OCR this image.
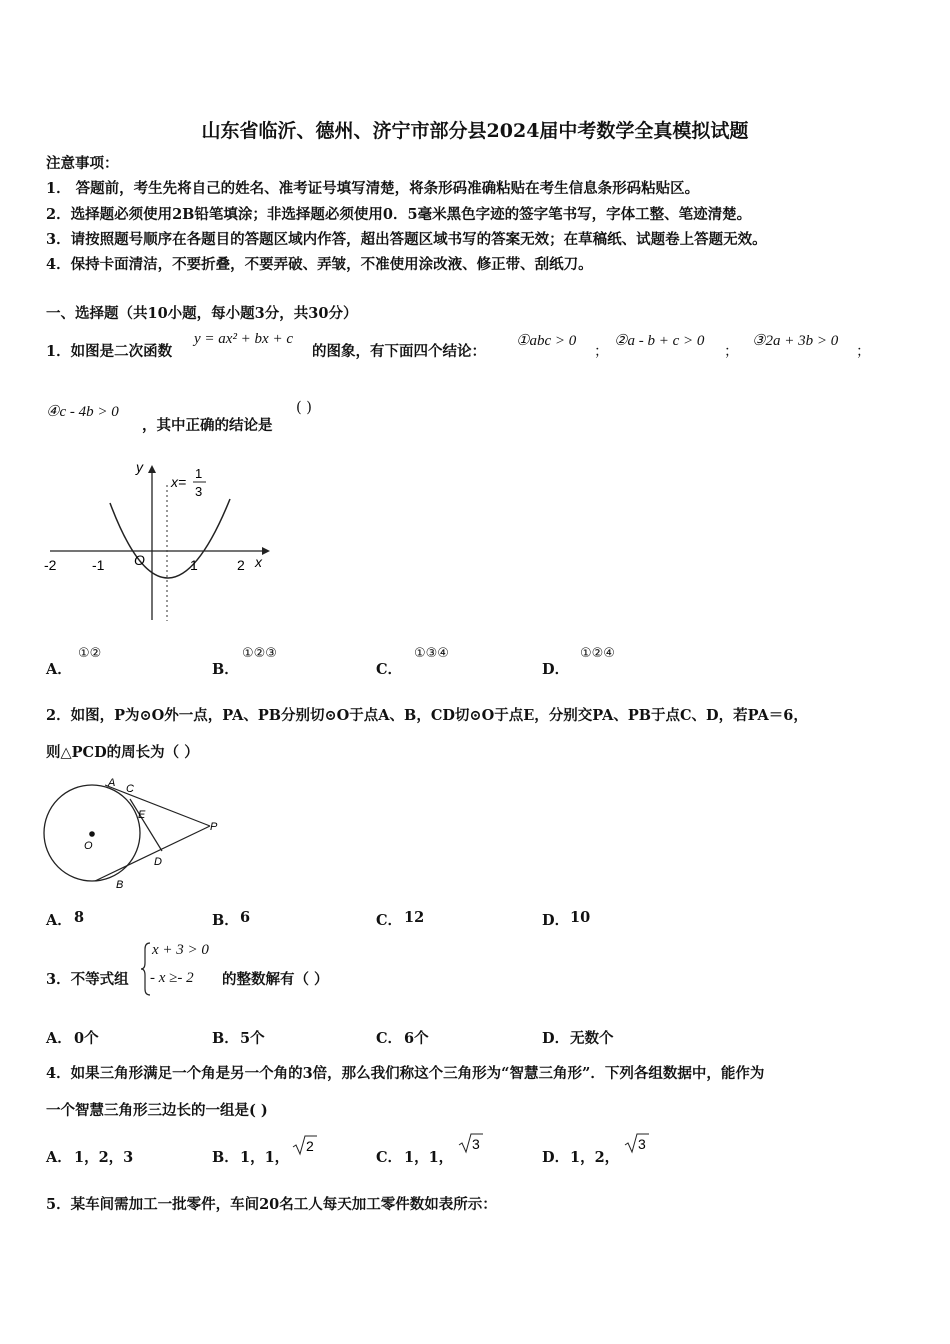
山东省临沂、德州、济宁市部分县2024届中考数学全真模拟试题
注意事项：
1． 答题前，考生先将自己的姓名、准考证号填写清楚，将条形码准确粘贴在考生信息条形码粘贴区。
2．选择题必须使用2B铅笔填涂；非选择题必须使用0．5毫米黑色字迹的签字笔书写，字体工整、笔迹清楚。
3．请按照题号顺序在各题目的答题区域内作答，超出答题区域书写的答案无效；在草稿纸、试题卷上答题无效。
4．保持卡面清洁，不要折叠，不要弄破、弄皱，不准使用涂改液、修正带、刮纸刀。
一、选择题（共10小题，每小题3分，共30分）
1．如图是二次函数
y = ax² + bx + c
的图象，有下面四个结论：
①abc > 0
；
②a - b + c > 0
；
③2a + 3b > 0
；
④c - 4b > 0
，其中正确的结论是
( )
y
x
O
-2	-1	1	2
x=
1
3
A．
①②
B．
①②③
C．
①③④
D．
①②④
2．如图，P为⊙O外一点，PA、PB分别切⊙O于点A、B，CD切⊙O于点E，分别交PA、PB于点C、D，若PA＝6，
则△PCD的周长为（ ）
A C
E
P
D
B
O
A． 8	B． 6	C． 12	D． 10
3．不等式组
x + 3 > 0
- x ≥- 2 的整数解有（ ）
A． 0个	B． 5个	C． 6个	D． 无数个
4．如果三角形满足一个角是另一个角的3倍，那么我们称这个三角形为“智慧三角形”．下列各组数据中，能作为
一个智慧三角形三边长的一组是( )
A． 1，2，3	B． 1，1，
2
C． 1，1，
3
D． 1，2，
3
5．某车间需加工一批零件，车间20名工人每天加工零件数如表所示：
